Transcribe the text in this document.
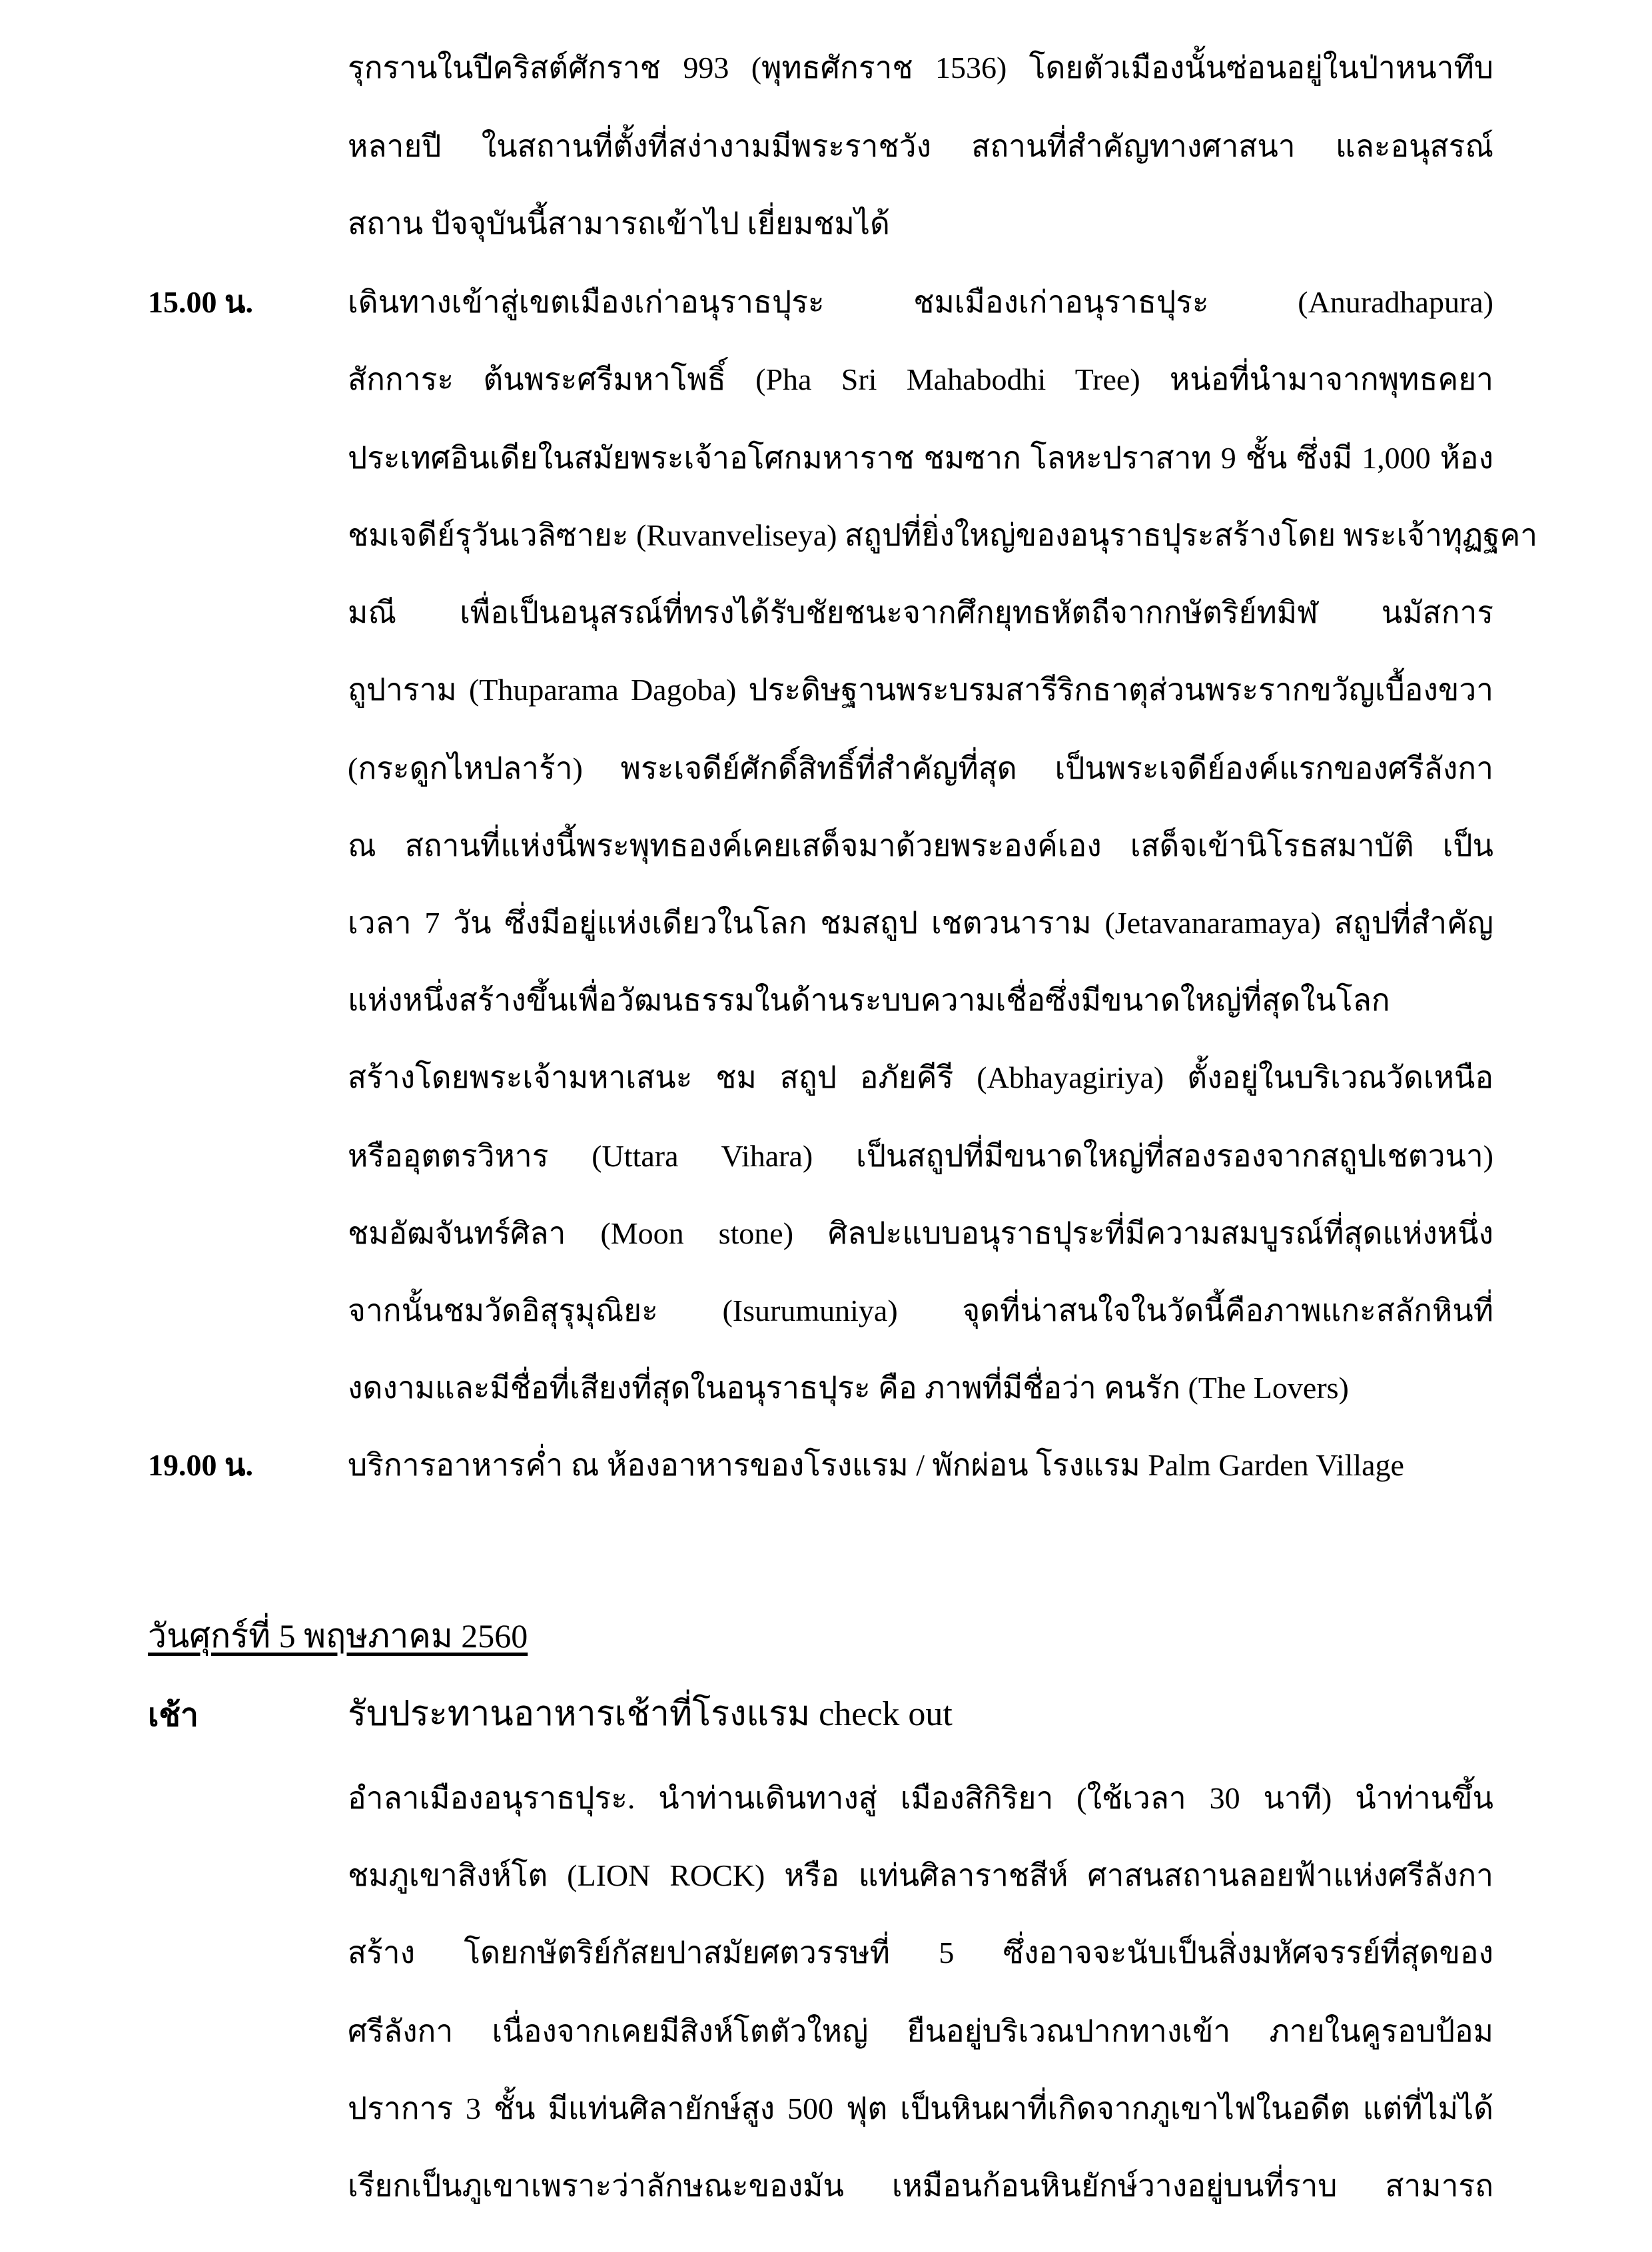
รุกรานในปีคริสต์ศักราช 993 (พุทธศักราช 1536) โดยตัวเมืองนั้นซ่อนอยู่ในป่าหนาทึบ
หลายปี ในสถานที่ตั้งที่สง่างามมีพระราชวัง สถานที่สำคัญทางศาสนา และอนุสรณ์
สถาน ปัจจุบันนี้สามารถเข้าไป เยี่ยมชมได้
15.00 น.	เดินทางเข้าสู่เขตเมืองเก่าอนุราธปุระ ชมเมืองเก่าอนุราธปุระ (Anuradhapura)
สักการะ ต้นพระศรีมหาโพธิ์ (Pha Sri Mahabodhi Tree) หน่อที่นำมาจากพุทธคยา
ประเทศอินเดียในสมัยพระเจ้าอโศกมหาราช ชมซาก โลหะปราสาท 9 ชั้น ซึ่งมี 1,000 ห้อง
ชมเจดีย์รุวันเวลิซายะ (Ruvanveliseya) สถูปที่ยิ่งใหญ่ของอนุราธปุระสร้างโดย พระเจ้าทุฏฐคา
มณี เพื่อเป็นอนุสรณ์ที่ทรงได้รับชัยชนะจากศึกยุทธหัตถีจากกษัตริย์ทมิฬ นมัสการ
ถูปาราม (Thuparama Dagoba) ประดิษฐานพระบรมสารีริกธาตุส่วนพระรากขวัญเบื้องขวา
(กระดูกไหปลาร้า) พระเจดีย์ศักดิ์สิทธิ์ที่สำคัญที่สุด เป็นพระเจดีย์องค์แรกของศรีลังกา
ณ สถานที่แห่งนี้พระพุทธองค์เคยเสด็จมาด้วยพระองค์เอง เสด็จเข้านิโรธสมาบัติ เป็น
เวลา 7 วัน ซึ่งมีอยู่แห่งเดียวในโลก ชมสถูป เชตวนาราม (Jetavanaramaya) สถูปที่สำคัญ
แห่งหนึ่งสร้างขึ้นเพื่อวัฒนธรรมในด้านระบบความเชื่อซึ่งมีขนาดใหญ่ที่สุดในโลก
สร้างโดยพระเจ้ามหาเสนะ ชม สถูป อภัยคีรี (Abhayagiriya) ตั้งอยู่ในบริเวณวัดเหนือ
หรืออุตตรวิหาร (Uttara Vihara) เป็นสถูปที่มีขนาดใหญ่ที่สองรองจากสถูปเชตวนา)
ชมอัฒจันทร์ศิลา (Moon stone) ศิลปะแบบอนุราธปุระที่มีความสมบูรณ์ที่สุดแห่งหนึ่ง
จากนั้นชมวัดอิสุรุมุณิยะ (Isurumuniya) จุดที่น่าสนใจในวัดนี้คือภาพแกะสลักหินที่
งดงามและมีชื่อที่เสียงที่สุดในอนุราธปุระ คือ ภาพที่มีชื่อว่า คนรัก (The Lovers)
19.00 น.	บริการอาหารค่ำ ณ ห้องอาหารของโรงแรม / พักผ่อน โรงแรม Palm Garden Village
วันศุกร์ที่ 5 พฤษภาคม 2560
เช้า	รับประทานอาหารเช้าที่โรงแรม check out
อำลาเมืองอนุราธปุระ. นำท่านเดินทางสู่ เมืองสิกิริยา (ใช้เวลา 30 นาที) นำท่านขึ้น
ชมภูเขาสิงห์โต (LION ROCK) หรือ แท่นศิลาราชสีห์ ศาสนสถานลอยฟ้าแห่งศรีลังกา
สร้าง โดยกษัตริย์กัสยปาสมัยศตวรรษที่ 5 ซึ่งอาจจะนับเป็นสิ่งมหัศจรรย์ที่สุดของ
ศรีลังกา เนื่องจากเคยมีสิงห์โตตัวใหญ่ ยืนอยู่บริเวณปากทางเข้า ภายในคูรอบป้อม
ปราการ 3 ชั้น มีแท่นศิลายักษ์สูง 500 ฟุต เป็นหินผาที่เกิดจากภูเขาไฟในอดีต แต่ที่ไม่ได้
เรียกเป็นภูเขาเพราะว่าลักษณะของมัน เหมือนก้อนหินยักษ์วางอยู่บนที่ราบ สามารถ
